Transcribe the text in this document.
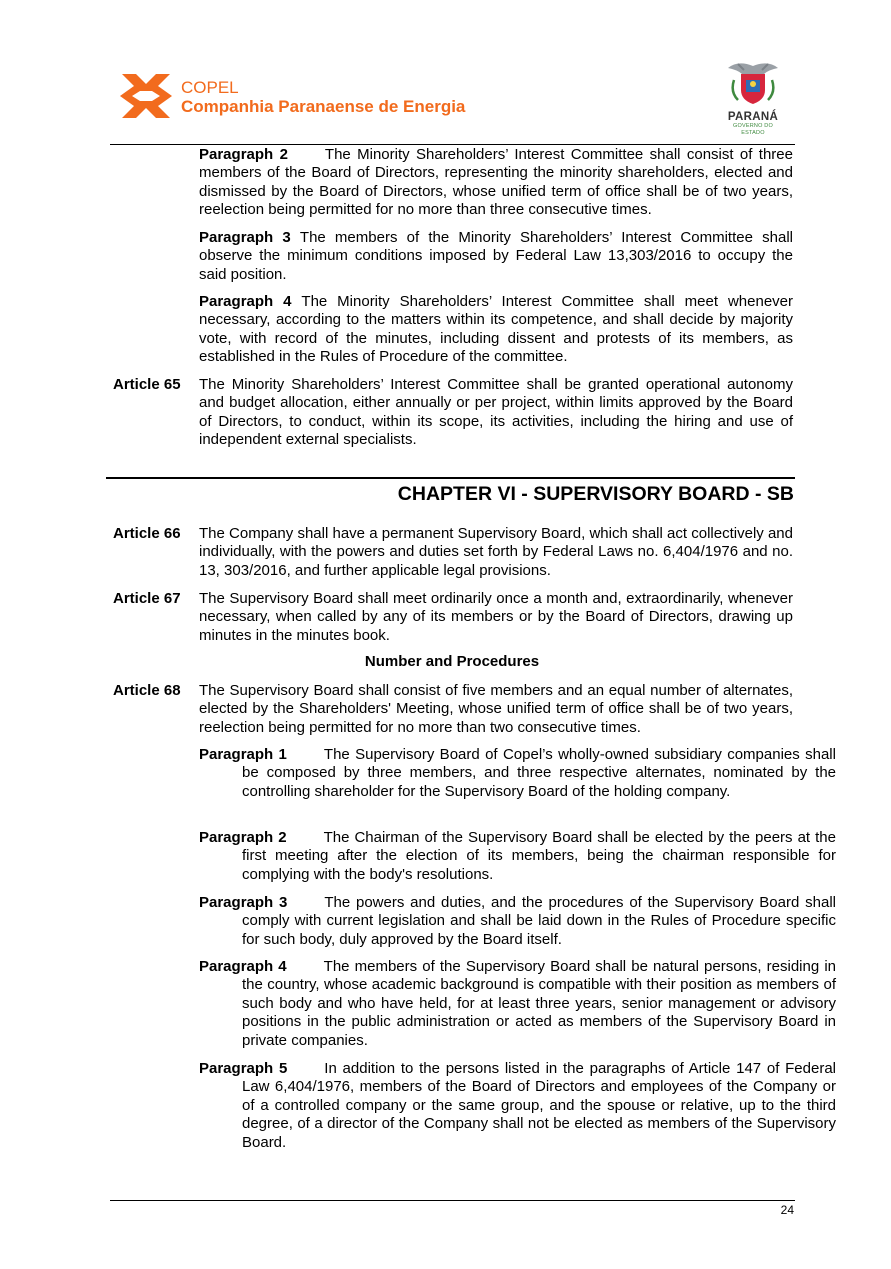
COPEL
Companhia Paranaense de Energia
PARANÁ
GOVERNO DO ESTADO
Paragraph 2 The Minority Shareholders’ Interest Committee shall consist of three members of the Board of Directors, representing the minority shareholders, elected and dismissed by the Board of Directors, whose unified term of office shall be of two years, reelection being permitted for no more than three consecutive times.
Paragraph 3 The members of the Minority Shareholders’ Interest Committee shall observe the minimum conditions imposed by Federal Law 13,303/2016 to occupy the said position.
Paragraph 4 The Minority Shareholders’ Interest Committee shall meet whenever necessary, according to the matters within its competence, and shall decide by majority vote, with record of the minutes, including dissent and protests of its members, as established in the Rules of Procedure of the committee.
Article 65 The Minority Shareholders’ Interest Committee shall be granted operational autonomy and budget allocation, either annually or per project, within limits approved by the Board of Directors, to conduct, within its scope, its activities, including the hiring and use of independent external specialists.
CHAPTER VI - SUPERVISORY BOARD - SB
Article 66 The Company shall have a permanent Supervisory Board, which shall act collectively and individually, with the powers and duties set forth by Federal Laws no. 6,404/1976 and no. 13, 303/2016, and further applicable legal provisions.
Article 67 The Supervisory Board shall meet ordinarily once a month and, extraordinarily, whenever necessary, when called by any of its members or by the Board of Directors, drawing up minutes in the minutes book.
Number and Procedures
Article 68 The Supervisory Board shall consist of five members and an equal number of alternates, elected by the Shareholders' Meeting, whose unified term of office shall be of two years, reelection being permitted for no more than two consecutive times.
Paragraph 1 The Supervisory Board of Copel’s wholly-owned subsidiary companies shall be composed by three members, and three respective alternates, nominated by the controlling shareholder for the Supervisory Board of the holding company.
Paragraph 2 The Chairman of the Supervisory Board shall be elected by the peers at the first meeting after the election of its members, being the chairman responsible for complying with the body's resolutions.
Paragraph 3 The powers and duties, and the procedures of the Supervisory Board shall comply with current legislation and shall be laid down in the Rules of Procedure specific for such body, duly approved by the Board itself.
Paragraph 4 The members of the Supervisory Board shall be natural persons, residing in the country, whose academic background is compatible with their position as members of such body and who have held, for at least three years, senior management or advisory positions in the public administration or acted as members of the Supervisory Board in private companies.
Paragraph 5 In addition to the persons listed in the paragraphs of Article 147 of Federal Law 6,404/1976, members of the Board of Directors and employees of the Company or of a controlled company or the same group, and the spouse or relative, up to the third degree, of a director of the Company shall not be elected as members of the Supervisory Board.
24
